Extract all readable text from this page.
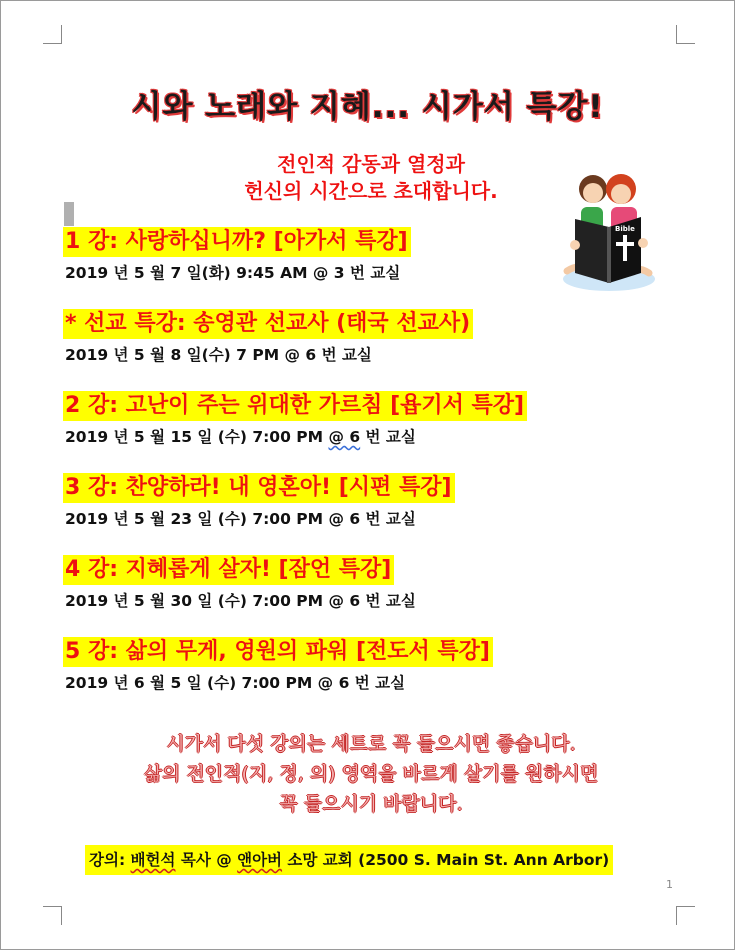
시와 노래와 지혜... 시가서 특강!
전인적 감동과 열정과
헌신의 시간으로 초대합니다.
Bible
1 강: 사랑하십니까? [아가서 특강]
2019 년 5 월 7 일(화) 9:45 AM @ 3 번 교실
* 선교 특강: 송영관 선교사 (태국 선교사)
2019 년 5 월 8 일(수) 7 PM @ 6 번 교실
2 강: 고난이 주는 위대한 가르침 [욥기서 특강]
2019 년 5 월 15 일 (수) 7:00 PM @ 6 번 교실
3 강: 찬양하라! 내 영혼아! [시편 특강]
2019 년 5 월 23 일 (수) 7:00 PM @ 6 번 교실
4 강: 지혜롭게 살자! [잠언 특강]
2019 년 5 월 30 일 (수) 7:00 PM @ 6 번 교실
5 강: 삶의 무게, 영원의 파워 [전도서 특강]
2019 년 6 월 5 일 (수) 7:00 PM @ 6 번 교실
시가서 다섯 강의는 세트로 꼭 들으시면 좋습니다.
삶의 전인적(지, 정, 의) 영역을 바르게 살기를 원하시면
꼭 들으시기 바랍니다.
강의: 배헌석 목사 @ 앤아버 소망 교회 (2500 S. Main St. Ann Arbor)
1
